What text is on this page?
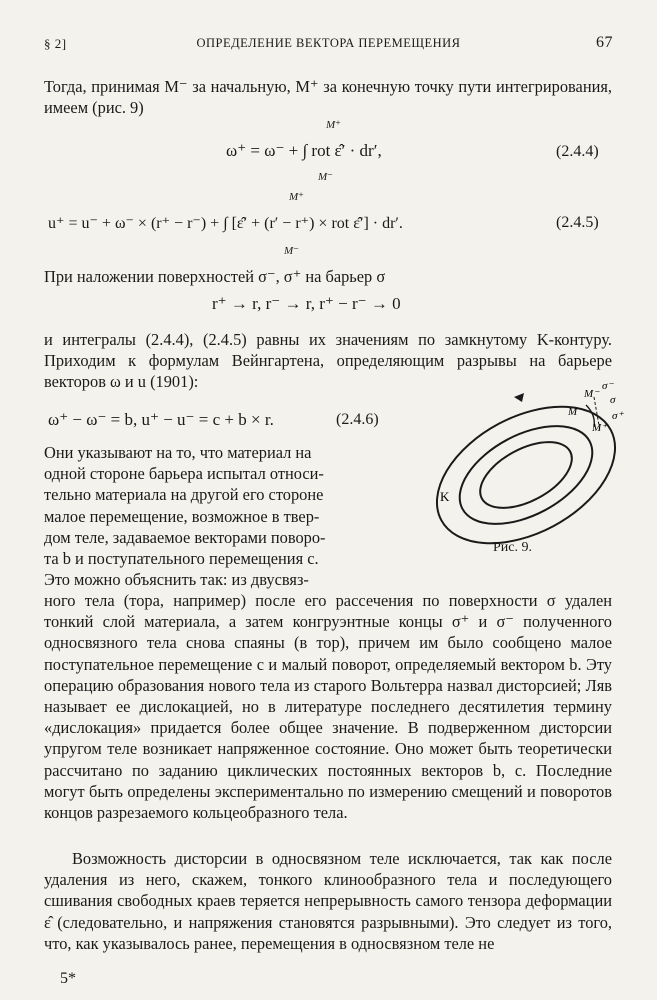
§ 2]	ОПРЕДЕЛЕНИЕ ВЕКТОРА ПЕРЕМЕЩЕНИЯ	67
Тогда, принимая M⁻ за начальную, M⁺ за конечную точку пути интегрирования, имеем (рис. 9)
M⁺
ω⁺ = ω⁻ + ∫ rot ε̂′ · dr′,
M⁻
(2.4.4)
M⁺
u⁺ = u⁻ + ω⁻ × (r⁺ − r⁻) + ∫ [ε̂′ + (r′ − r⁺) × rot ε̂′] · dr′.
M⁻
(2.4.5)
При наложении поверхностей σ⁻, σ⁺ на барьер σ
r⁺ → r, r⁻ → r, r⁺ − r⁻ → 0
и интегралы (2.4.4), (2.4.5) равны их значениям по замкнутому K-контуру. Приходим к формулам Вейнгартена, определяющим разрывы на барьере векторов ω и u (1901):
ω⁺ − ω⁻ = b, u⁺ − u⁻ = c + b × r.	(2.4.6)
Они указывают на то, что материал на
одной стороне барьера испытал относи-
тельно материала на другой его стороне
малое перемещение, возможное в твер-
дом теле, задаваемое векторами поворо-
та b и поступательного перемещения c.
Это можно объяснить так: из двусвяз-
K
M⁻
M
M⁺
σ⁻
σ
σ⁺
Рис. 9.
ного тела (тора, например) после его рассечения по поверхности σ удален тонкий слой материала, а затем конгруэнтные концы σ⁺ и σ⁻ полученного односвязного тела снова спаяны (в тор), причем им было сообщено малое поступательное перемещение c и малый поворот, определяемый вектором b. Эту операцию образования нового тела из старого Вольтерра назвал дисторсией; Ляв называет ее дислокацией, но в литературе последнего десятилетия термину «дислокация» придается более общее значение. В подверженном дисторсии упругом теле возникает напряженное состояние. Оно может быть теоретически рассчитано по заданию циклических постоянных векторов b, c. Последние могут быть определены экспериментально по измерению смещений и поворотов концов разрезаемого кольцеобразного тела.
Возможность дисторсии в односвязном теле исключается, так как после удаления из него, скажем, тонкого клинообразного тела и последующего сшивания свободных краев теряется непрерывность самого тензора деформации ε̂ (следовательно, и напряжения становятся разрывными). Это следует из того, что, как указывалось ранее, перемещения в односвязном теле не
5*
